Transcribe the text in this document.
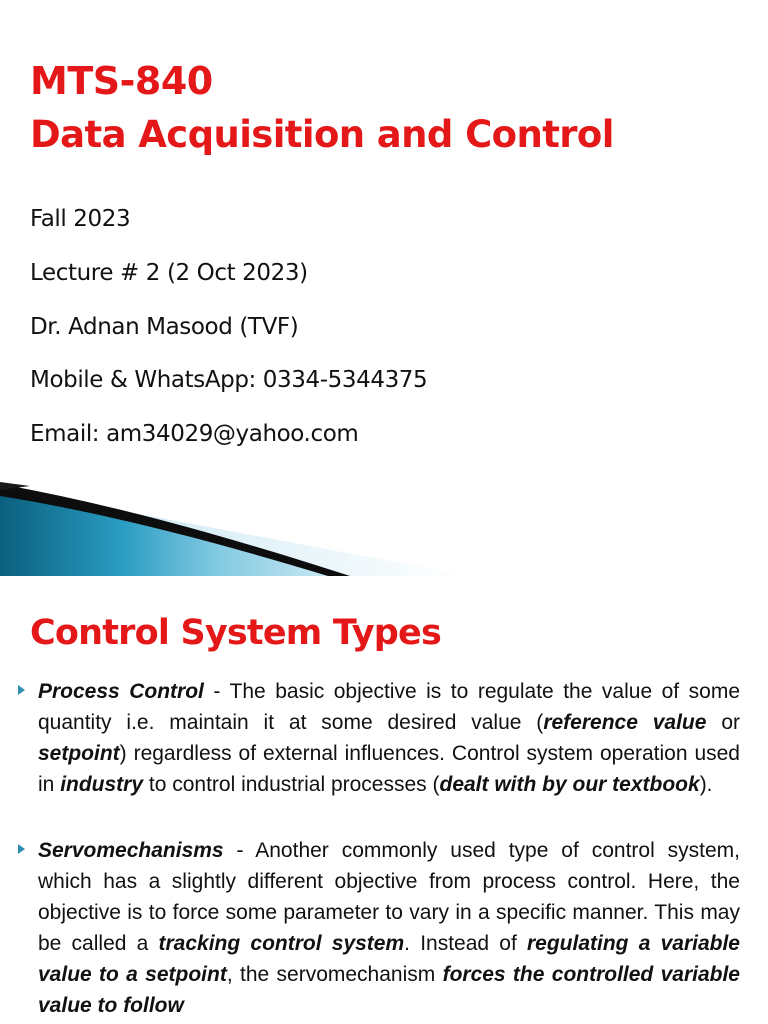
MTS-840
Data Acquisition and Control

Fall 2023

Lecture # 2 (2 Oct 2023)

Dr. Adnan Masood (TVF)

Mobile & WhatsApp: 0334-5344375

Email: am34029@yahoo.com

Control System Types

Process Control - The basic objective is to regulate the value of some quantity i.e. maintain it at some desired value (reference value or setpoint) regardless of external influences. Control system operation used in industry to control industrial processes (dealt with by our textbook).

Servomechanisms - Another commonly used type of control system, which has a slightly different objective from process control. Here, the objective is to force some parameter to vary in a specific manner. This may be called a tracking control system. Instead of regulating a variable value to a setpoint, the servomechanism forces the controlled variable value to follow
